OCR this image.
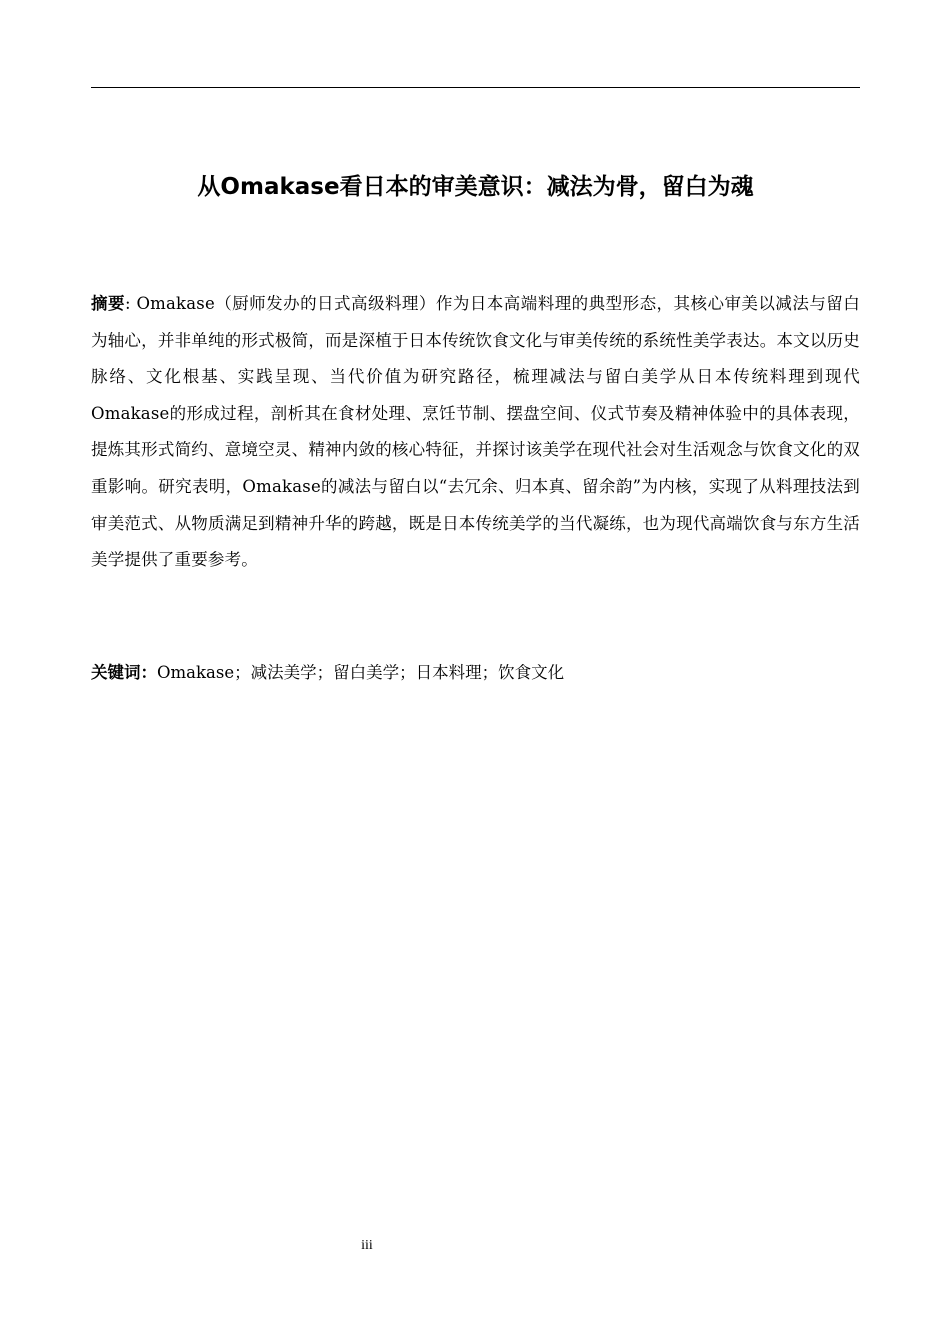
从Omakase看日本的审美意识：减法为骨，留白为魂

摘要: Omakase（厨师发办的日式高级料理）作为日本高端料理的典型形态，其核心审美以减法与留白为轴心，并非单纯的形式极简，而是深植于日本传统饮食文化与审美传统的系统性美学表达。本文以历史脉络、文化根基、实践呈现、当代价值为研究路径，梳理减法与留白美学从日本传统料理到现代Omakase的形成过程，剖析其在食材处理、烹饪节制、摆盘空间、仪式节奏及精神体验中的具体表现，提炼其形式简约、意境空灵、精神内敛的核心特征，并探讨该美学在现代社会对生活观念与饮食文化的双重影响。研究表明，Omakase的减法与留白以“去冗余、归本真、留余韵”为内核，实现了从料理技法到审美范式、从物质满足到精神升华的跨越，既是日本传统美学的当代凝练，也为现代高端饮食与东方生活美学提供了重要参考。

关键词：Omakase；减法美学；留白美学；日本料理；饮食文化

iii
